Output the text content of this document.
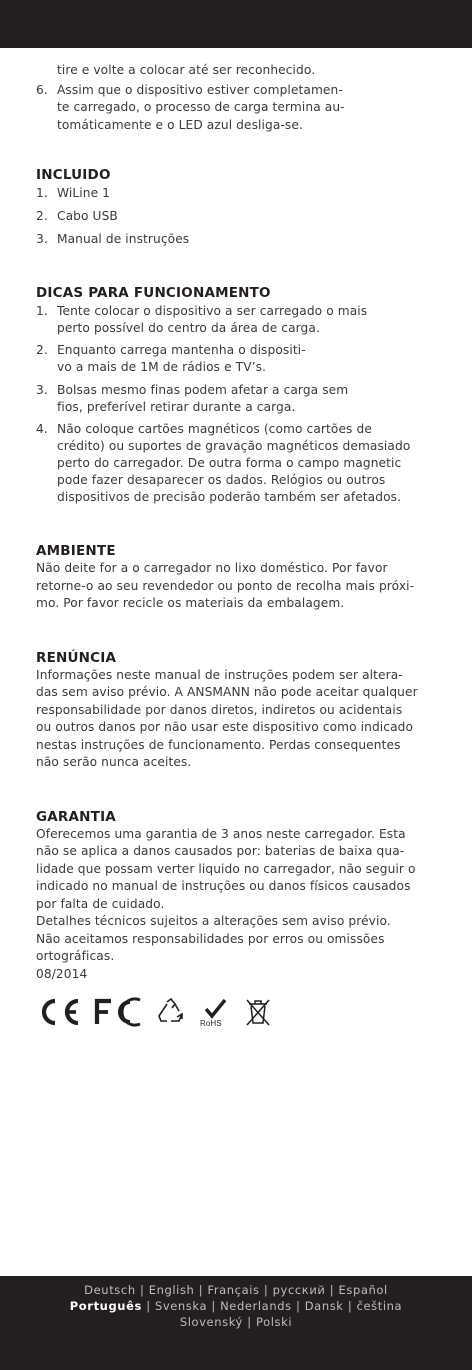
tire e volte a colocar até ser reconhecido.
6. Assim que o dispositivo estiver completamen-
te carregado, o processo de carga termina au-
tomáticamente e o LED azul desliga-se.
INCLUIDO
1. WiLine 1
2. Cabo USB
3. Manual de instruções
DICAS PARA FUNCIONAMENTO
1. Tente colocar o dispositivo a ser carregado o mais
perto possível do centro da área de carga.
2. Enquanto carrega mantenha o dispositi-
vo a mais de 1M de rádios e TV’s.
3. Bolsas mesmo finas podem afetar a carga sem
fios, preferível retirar durante a carga.
4. Não coloque cartões magnéticos (como cartões de
crédito) ou suportes de gravação magnéticos demasiado
perto do carregador. De outra forma o campo magnetic
pode fazer desaparecer os dados. Relógios ou outros
dispositivos de precisão poderão também ser afetados.
AMBIENTE
Não deite for a o carregador no lixo doméstico. Por favor
retorne-o ao seu revendedor ou ponto de recolha mais próxi-
mo. Por favor recicle os materiais da embalagem.
RENÚNCIA
Informações neste manual de instruções podem ser altera-
das sem aviso prévio. A ANSMANN não pode aceitar qualquer
responsabilidade por danos diretos, indiretos ou acidentais
ou outros danos por não usar este dispositivo como indicado
nestas instruções de funcionamento. Perdas consequentes
não serão nunca aceites.
GARANTIA
Oferecemos uma garantia de 3 anos neste carregador. Esta
não se aplica a danos causados por: baterias de baixa qua-
lidade que possam verter liquido no carregador, não seguir o
indicado no manual de instruções ou danos físicos causados
por falta de cuidado.
Detalhes técnicos sujeitos a alterações sem aviso prévio.
Não aceitamos responsabilidades por erros ou omissões
ortográficas.
08/2014
RoHS
Deutsch | English | Français | русский | Español
Português | Svenska | Nederlands | Dansk | čeština
Slovenský | Polski
